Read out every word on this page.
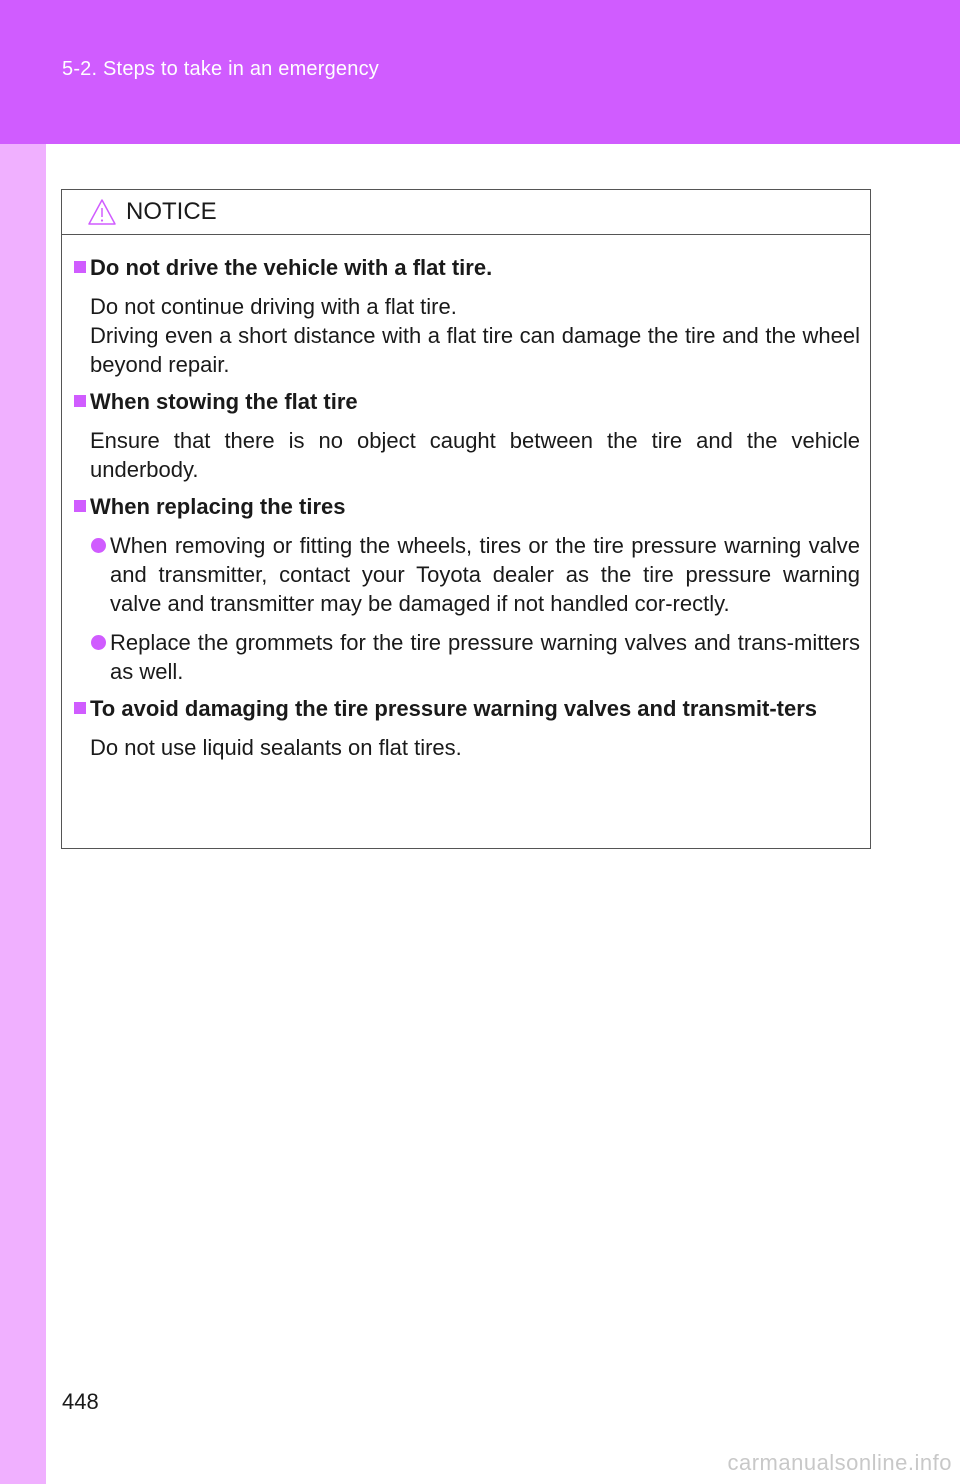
5-2. Steps to take in an emergency
NOTICE
Do not drive the vehicle with a flat tire.
Do not continue driving with a flat tire.
Driving even a short distance with a flat tire can damage the tire and the wheel beyond repair.
When stowing the flat tire
Ensure that there is no object caught between the tire and the vehicle underbody.
When replacing the tires
When removing or fitting the wheels, tires or the tire pressure warning valve and transmitter, contact your Toyota dealer as the tire pressure warning valve and transmitter may be damaged if not handled cor-rectly.
Replace the grommets for the tire pressure warning valves and trans-mitters as well.
To avoid damaging the tire pressure warning valves and transmit-ters
Do not use liquid sealants on flat tires.
448
carmanualsonline.info
